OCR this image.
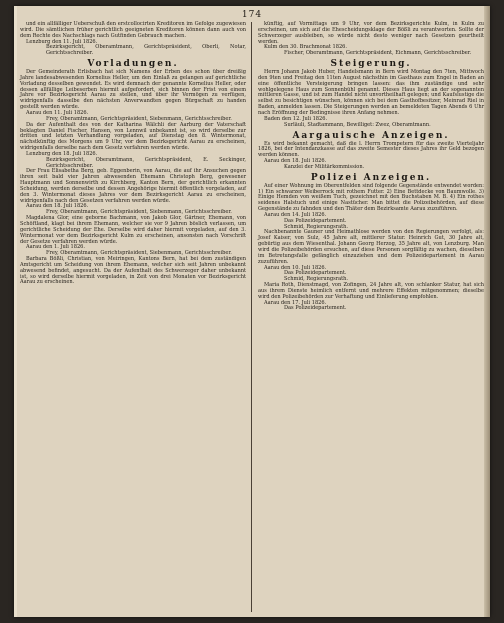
174

und ein allfälliger Ueberschuß den erstcollocirten Kreditoren im Gefolge zugewiesen wird. Die sämtlichen früher gerichtlich geeigneten Kreditoren können dann auch von dem Rechte des Nachschlags nach Gutfinden Gebrauch machen.

Lenzburg den 11. Juli 1826.

Bezirksgericht, Oberamtmann, Gerichtspräsident, Oberli, Notar, Gerichtsschreiber.

Vorladungen.

Der Gemeinderath Erlisbach hat sich Namens der Erben des schon über dreißig Jahre landesabwesenden Kornelius Heller, um den Einlaß zu gelangen auf gerichtliche Vorladung desselben gewendet. Es wird demnach der genannte Kornelius Heller, oder dessen allfällige Leibeserben hiermit aufgefordert, sich binnen der Frist von einem Jahre vor Bezirksgericht Aarau zu stellen, und über ihr Vermögen zu verfügen, widrigenfalls dasselbe den nächsten Anverwandten gegen Bürgschaft zu handen gestellt werden würde.

Aarau den 11. Juli 1826.

Frey, Oberamtmann, Gerichtspräsident, Siebenmann, Gerichtsschreiber.

Da der Aufenthalt des von der Katharina Wälchli der Aarburg der Vaterschaft beklagten Daniel Fischer, Hansen, von Lennwil unbekannt ist, so wird derselbe zur dritten und letzten Verhandlung vorgeladen, auf Dienstag den 8. Wintermonat, nächstkünftig des Morgens um 9 Uhr, vor dem Bezirksgericht Aarau zu erscheinen, widrigenfalls derselbe nach dem Gesetz verfahren werden würde.

Lenzburg den 18. Juli 1826.

Bezirksgericht, Oberamtmann, Gerichtspräsident, E. Seckinger, Gerichtsschreiber.

Der Frau Elisabetha Berg, geb. Eggenberin, von Aarau, die auf ihr Ansuchen gegen ihren seit bald vier Jahren abwesenden Ehemann Christoph Berg, gewesener Hauptmann und Sonnenwirth zu Kirchberg, Kanton Bern, der gerichtlich erkannten Scheidung, werden derselbe und dessen Angehörige hiermit öffentlich vorgeladen, auf den 3. Wintermonat dieses Jahres vor dem Bezirksgericht Aarau zu erscheinen, widrigenfalls nach den Gesetzen verfahren werden würde.

Aarau den 18. Juli 1826.

Frey, Oberamtmann, Gerichtspräsident, Siebenmann, Gerichtsschreiber.

Magdalena Glor, eine geborne Bachmann, von Jakob Glor, Gärtner, Ehemann, von Schöftland, klagt bei ihrem Ehemann, welcher sie vor 9 Jahren böslich verlassen, um gerichtliche Scheidung der Ehe. Derselbe wird daher hiermit vorgeladen, auf den 3. Wintermonat vor dem Bezirksgericht Kulm zu erscheinen, ansonsten nach Vorschrift der Gesetze verfahren werden würde.

Aarau den 1. Juli 1826.

Frey, Oberamtmann, Gerichtspräsident, Siebenmann, Gerichtsschreiber.

Barbara Bößli, Christian, von Meiringen, Kantons Bern, hat bei dem zuständigen Amtsgericht um Scheidung von ihrem Ehemann, welcher sich seit Jahren unbekannt abwesend befindet, angesucht. Da der Aufenthalt des Schwerzeger daher unbekannt ist, so wird derselbe hiermit vorgeladen, in Zeit von drei Monaten vor Bezirksgericht Aarau zu erscheinen.

künftig, auf Vormittags um 9 Uhr, vor dem Bezirksgerichte Kulm, in Kulm zu erscheinen, um sich auf die Ehescheidungsklage der Bößli zu verantworten. Sollte der Schwerzeger ausbleiben, so würde nicht desto weniger nach Gesetzen geurtheilt werden.

Kulm den 30. Brachmonat 1826.

Fischer, Oberamtmann, Gerichtspräsident, Eichmann, Gerichtsschreiber.

Steigerung.

Herrn Johann Jakob Huber, Handelsmann in Bern wird Montag den 7ten, Mittwoch den 9ten und Freitag den 11ten August nächsthin im Gasthaus zum Engel in Baden an eine öffentliche Versteigerung bringen lassen: das ihm zuständige und sehr wohlgelegene Haus zum Sonnenbühl genannt. Dieses Haus liegt an der sogenannten mittleren Gasse, und ist zum Handel nicht unvortheilhaft gelegen; und Kaufslustige die selbst zu besichtigen wünschen, können sich bei dem Gasthofbesitzer, Meinrad Riel in Baden, anmelden lassen. Die Steigerungen werden an bemeldeten Tagen Abends 6 Uhr nach Eröffnung der Bedingnisse ihren Anfang nehmen.

Baden den 12. Juli 1826.

Surläuli, Stadtammann, Bewilliget: Zwez, Oberamtmann.

Aargauische Anzeigen.

Es wird bekannt gemacht, daß die l. Herrn Trompetern für das zweite Vierteljahr 1826, bei der Intendanzkasse auf das zweite Semester dieses Jahres ihr Geld bezogen werden können.

Aarau den 18. Juli 1826.

Kanzlei der Militärkommission.

Polizei Anzeigen.

Auf einer Wohnung im Oberentfelden sind folgende Gegenstände entwendet worden: 1) Ein schwarzer Weiberrock mit rothem Futter. 2) Eine Bettdecke von Baumwolle. 3) Einige Hemden von weißem Tuch, gezeichnet mit den Buchstaben M. B. 4) Ein rothes seidenes Halstuch und einige Nastücher. Man bittet die Polizeibehörden, auf diese Gegenstände zu fahnden und den Thäter dem Bezirksamte Aarau zuzuführen.

Aarau den 14. Juli 1826.

Das Polizeidepartement.

Schmid, Regierungsrath.

Nachbenannte Gauner und Heimathlose werden von den Regierungen verfolgt, als: Josef Kaiser, von Sulz, 45 Jahre alt, mittlerer Statur. Heinrich Gut, 30 Jahre alt, gebürtig aus dem Wiesenthal. Johann Georg Herzog, 35 Jahre alt, von Lenzburg. Man wird die Polizeibehörden ersuchen, auf diese Personen sorgfältig zu wachen, dieselben im Betretungsfalle gefänglich einzuziehen und dem Polizeidepartement in Aarau zuzuführen.

Aarau den 10. Juli 1826.

Das Polizeidepartement.

Schmid, Regierungsrath.

Maria Roth, Dienstmagd, von Zofingen, 24 Jahre alt, von schlanker Statur, hat sich aus ihrem Dienste heimlich entfernt und mehrere Effekten mitgenommen; dieselbe wird den Polizeibehörden zur Verhaftung und Einlieferung empfohlen.

Aarau den 17. Juli 1826.

Das Polizeidepartement.
